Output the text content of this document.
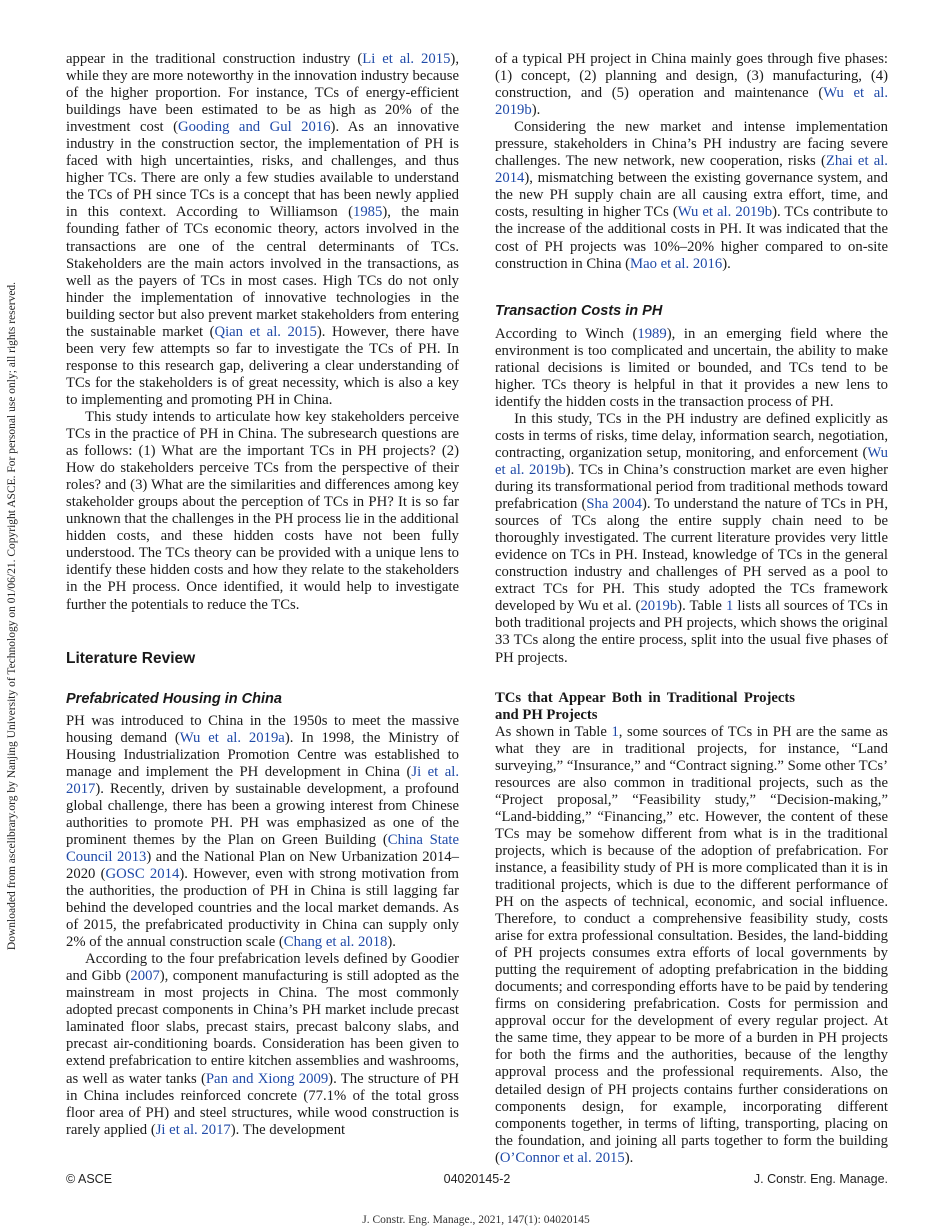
Downloaded from ascelibrary.org by Nanjing University of Technology on 01/06/21. Copyright ASCE. For personal use only; all rights reserved.

appear in the traditional construction industry (Li et al. 2015), while they are more noteworthy in the innovation industry because of the higher proportion. For instance, TCs of energy-efficient buildings have been estimated to be as high as 20% of the investment cost (Gooding and Gul 2016). As an innovative industry in the construction sector, the implementation of PH is faced with high uncertainties, risks, and challenges, and thus higher TCs. There are only a few studies available to understand the TCs of PH since TCs is a concept that has been newly applied in this context. According to Williamson (1985), the main founding father of TCs economic theory, actors involved in the transactions are one of the central determinants of TCs. Stakeholders are the main actors involved in the transactions, as well as the payers of TCs in most cases. High TCs do not only hinder the implementation of innovative technologies in the building sector but also prevent market stakeholders from entering the sustainable market (Qian et al. 2015). However, there have been very few attempts so far to investigate the TCs of PH. In response to this research gap, delivering a clear understanding of TCs for the stakeholders is of great necessity, which is also a key to implementing and promoting PH in China.

This study intends to articulate how key stakeholders perceive TCs in the practice of PH in China. The subresearch questions are as follows: (1) What are the important TCs in PH projects? (2) How do stakeholders perceive TCs from the perspective of their roles? and (3) What are the similarities and differences among key stakeholder groups about the perception of TCs in PH? It is so far unknown that the challenges in the PH process lie in the additional hidden costs, and these hidden costs have not been fully understood. The TCs theory can be provided with a unique lens to identify these hidden costs and how they relate to the stakeholders in the PH process. Once identified, it would help to investigate further the potentials to reduce the TCs.

Literature Review
Prefabricated Housing in China

PH was introduced to China in the 1950s to meet the massive housing demand (Wu et al. 2019a). In 1998, the Ministry of Housing Industrialization Promotion Centre was established to manage and implement the PH development in China (Ji et al. 2017). Recently, driven by sustainable development, a profound global challenge, there has been a growing interest from Chinese authorities to promote PH. PH was emphasized as one of the prominent themes by the Plan on Green Building (China State Council 2013) and the National Plan on New Urbanization 2014–2020 (GOSC 2014). However, even with strong motivation from the authorities, the production of PH in China is still lagging far behind the developed countries and the local market demands. As of 2015, the prefabricated productivity in China can supply only 2% of the annual construction scale (Chang et al. 2018).

According to the four prefabrication levels defined by Goodier and Gibb (2007), component manufacturing is still adopted as the mainstream in most projects in China. The most commonly adopted precast components in China’s PH market include precast laminated floor slabs, precast stairs, precast balcony slabs, and precast air-conditioning boards. Consideration has been given to extend prefabrication to entire kitchen assemblies and washrooms, as well as water tanks (Pan and Xiong 2009). The structure of PH in China includes reinforced concrete (77.1% of the total gross floor area of PH) and steel structures, while wood construction is rarely applied (Ji et al. 2017). The development

of a typical PH project in China mainly goes through five phases: (1) concept, (2) planning and design, (3) manufacturing, (4) construction, and (5) operation and maintenance (Wu et al. 2019b).

Considering the new market and intense implementation pressure, stakeholders in China’s PH industry are facing severe challenges. The new network, new cooperation, risks (Zhai et al. 2014), mismatching between the existing governance system, and the new PH supply chain are all causing extra effort, time, and costs, resulting in higher TCs (Wu et al. 2019b). TCs contribute to the increase of the additional costs in PH. It was indicated that the cost of PH projects was 10%–20% higher compared to on-site construction in China (Mao et al. 2016).

Transaction Costs in PH

According to Winch (1989), in an emerging field where the environment is too complicated and uncertain, the ability to make rational decisions is limited or bounded, and TCs tend to be higher. TCs theory is helpful in that it provides a new lens to identify the hidden costs in the transaction process of PH.

In this study, TCs in the PH industry are defined explicitly as costs in terms of risks, time delay, information search, negotiation, contracting, organization setup, monitoring, and enforcement (Wu et al. 2019b). TCs in China’s construction market are even higher during its transformational period from traditional methods toward prefabrication (Sha 2004). To understand the nature of TCs in PH, sources of TCs along the entire supply chain need to be thoroughly investigated. The current literature provides very little evidence on TCs in PH. Instead, knowledge of TCs in the general construction industry and challenges of PH served as a pool to extract TCs for PH. This study adopted the TCs framework developed by Wu et al. (2019b). Table 1 lists all sources of TCs in both traditional projects and PH projects, which shows the original 33 TCs along the entire process, split into the usual five phases of PH projects.

TCs that Appear Both in Traditional Projects and PH Projects

As shown in Table 1, some sources of TCs in PH are the same as what they are in traditional projects, for instance, “Land surveying,” “Insurance,” and “Contract signing.” Some other TCs’ resources are also common in traditional projects, such as the “Project proposal,” “Feasibility study,” “Decision-making,” “Land-bidding,” “Financing,” etc. However, the content of these TCs may be somehow different from what is in the traditional projects, which is because of the adoption of prefabrication. For instance, a feasibility study of PH is more complicated than it is in traditional projects, which is due to the different performance of PH on the aspects of technical, economic, and social influence. Therefore, to conduct a comprehensive feasibility study, costs arise for extra professional consultation. Besides, the land-bidding of PH projects consumes extra efforts of local governments by putting the requirement of adopting prefabrication in the bidding documents; and corresponding efforts have to be paid by tendering firms on considering prefabrication. Costs for permission and approval occur for the development of every regular project. At the same time, they appear to be more of a burden in PH projects for both the firms and the authorities, because of the lengthy approval process and the professional requirements. Also, the detailed design of PH projects contains further considerations on components design, for example, incorporating different components together, in terms of lifting, transporting, placing on the foundation, and joining all parts together to form the building (O’Connor et al. 2015).

© ASCE	04020145-2	J. Constr. Eng. Manage.
J. Constr. Eng. Manage., 2021, 147(1): 04020145
